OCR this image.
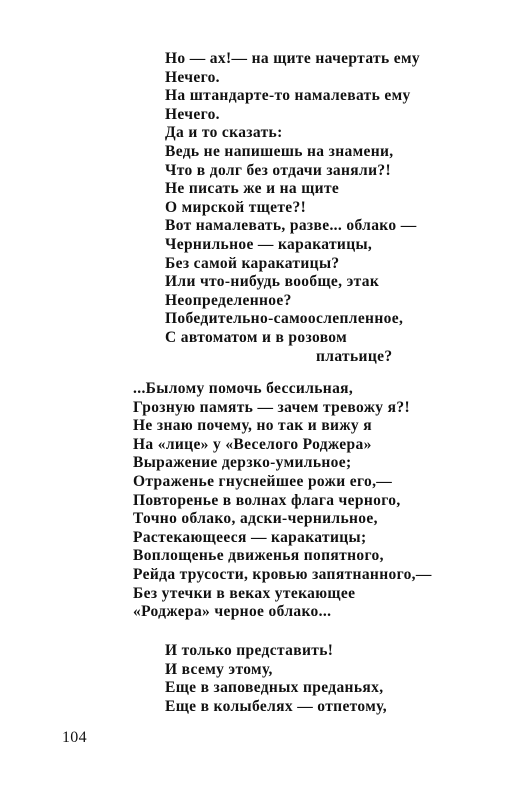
Но — ах!— на щите начертать ему
Нечего.
На штандарте-то намалевать ему
Нечего.
Да и то сказать:
Ведь не напишешь на знамени,
Что в долг без отдачи заняли?!
Не писать же и на щите
О мирской тщете?!
Вот намалевать, разве... облако —
Чернильное — каракатицы,
Без самой каракатицы?
Или что-нибудь вообще, этак
Неопределенное?
Победительно-самоослепленное,
С автоматом и в розовом
платьице?
...Былому помочь бессильная,
Грозную память — зачем тревожу я?!
Не знаю почему, но так и вижу я
На «лице» у «Веселого Роджера»
Выражение дерзко-умильное;
Отраженье гнуснейшее рожи его,—
Повторенье в волнах флага черного,
Точно облако, адски-чернильное,
Растекающееся — каракатицы;
Воплощенье движенья попятного,
Рейда трусости, кровью запятнанного,—
Без утечки в веках утекающее
«Роджера» черное облако...
И только представить!
И всему этому,
Еще в заповедных преданьях,
Еще в колыбелях — отпетому,
104
